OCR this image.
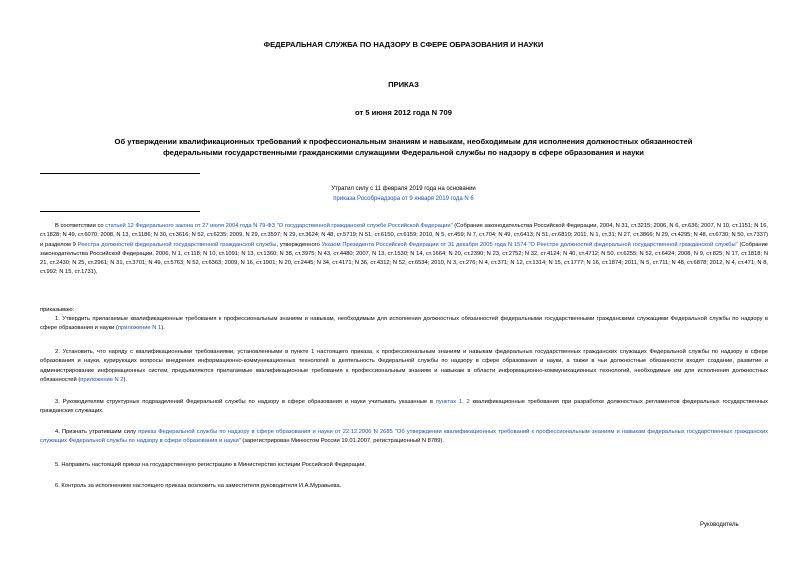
ФЕДЕРАЛЬНАЯ СЛУЖБА ПО НАДЗОРУ В СФЕРЕ ОБРАЗОВАНИЯ И НАУКИ
ПРИКАЗ
от 5 июня 2012 года N 709
Об утверждении квалификационных требований к профессиональным знаниям и навыкам, необходимым для исполнения должностных обязанностей
федеральными государственными гражданскими служащими Федеральной службы по надзору в сфере образования и науки
Утратил силу с 11 февраля 2019 года на основании
приказа Рособрнадзора от 9 января 2019 года N 6
В соответствии со статьей 12 Федерального закона от 27 июля 2004 года N 79-ФЗ "О государственной гражданской службе Российской Федерации" (Собрание законодательства Российской Федерации, 2004, N 31, ст.3215; 2006, N 6, ст.636; 2007, N 10, ст.1151; N 16, ст.1828; N 49, ст.6070; 2008, N 13, ст.1186; N 30, ст.3616; N 52, ст.6235; 2009, N 29, ст.3597; N 29, ст.3624; N 48, ст.5719; N 51, ст.6150, ст.6159; 2010, N 5, ст.459; N 7, ст.704; N 49, ст.6413; N 51, ст.6810; 2011, N 1, ст.31; N 27, ст.3866; N 29, ст.4295; N 48, ст.6730; N 50, ст.7337) и разделом 9 Реестра должностей федеральной государственной гражданской службы, утвержденного Указом Президента Российской Федерации от 31 декабря 2005 года N 1574 "О Реестре должностей федеральной государственной гражданской службы" (Собрание законодательства Российской Федерации, 2006, N 1, ст.118; N 10, ст.1091; N 13, ст.1360; N 38, ст.3975; N 43, ст.4480; 2007, N 13, ст.1530; N 14, ст.1664; N 20, ст.2390; N 23, ст.2752; N 32, ст.4124; N 40, ст.4712; N 50, ст.6255; N 52, ст.6424; 2008, N 9, ст.825; N 17, ст.1818; N 21, ст.2430; N 25, ст.2961; N 31, ст.3701; N 49, ст.5763; N 52, ст.6363; 2009, N 16, ст.1901; N 20, ст.2445; N 34, ст.4171; N 36, ст.4312; N 52, ст.6534; 2010, N 3, ст.276; N 4, ст.371; N 12, ст.1314; N 15, ст.1777; N 16, ст.1874; 2011, N 5, ст.711; N 48, ст.6878; 2012, N 4, ст.471; N 8, ст.992; N 15, ст.1731),
приказываю:
1. Утвердить прилагаемые квалификационные требования к профессиональным знаниям и навыкам, необходимым для исполнения должностных обязанностей федеральными государственными гражданскими служащими Федеральной службы по надзору в сфере образования и науки (приложение N 1).
2. Установить, что наряду с квалификационными требованиями, установленными в пункте 1 настоящего приказа, к профессиональным знаниям и навыкам федеральных государственных гражданских служащих Федеральной службы по надзору в сфере образования и науки, курирующих вопросы внедрения информационно-коммуникационных технологий в деятельность Федеральной службы по надзору в сфере образования и науки, а также в чьи должностные обязанности входят создание, развитие и администрирование информационных систем, предъявляются прилагаемые квалификационные требования к профессиональным знаниям и навыкам в области информационно-коммуникационных технологий, необходимые им для исполнения должностных обязанностей (приложение N 2).
3. Руководителям структурных подразделений Федеральной службы по надзору в сфере образования и науки учитывать указанные в пунктах 1, 2 квалификационные требования при разработке должностных регламентов федеральных государственных гражданских служащих.
4. Признать утратившим силу приказ Федеральной службы по надзору в сфере образования и науки от 22.12.2006 N 2685 "Об утверждении квалификационных требований к профессиональным знаниям и навыкам федеральных государственных гражданских служащих Федеральной службы по надзору в сфере образования и науки" (зарегистрирован Минюстом России 19.01.2007, регистрационный N 8789).
5. Направить настоящий приказ на государственную регистрацию в Министерство юстиции Российской Федерации.
6. Контроль за исполнением настоящего приказа возложить на заместителя руководителя И.А.Муравьева.
Руководитель
